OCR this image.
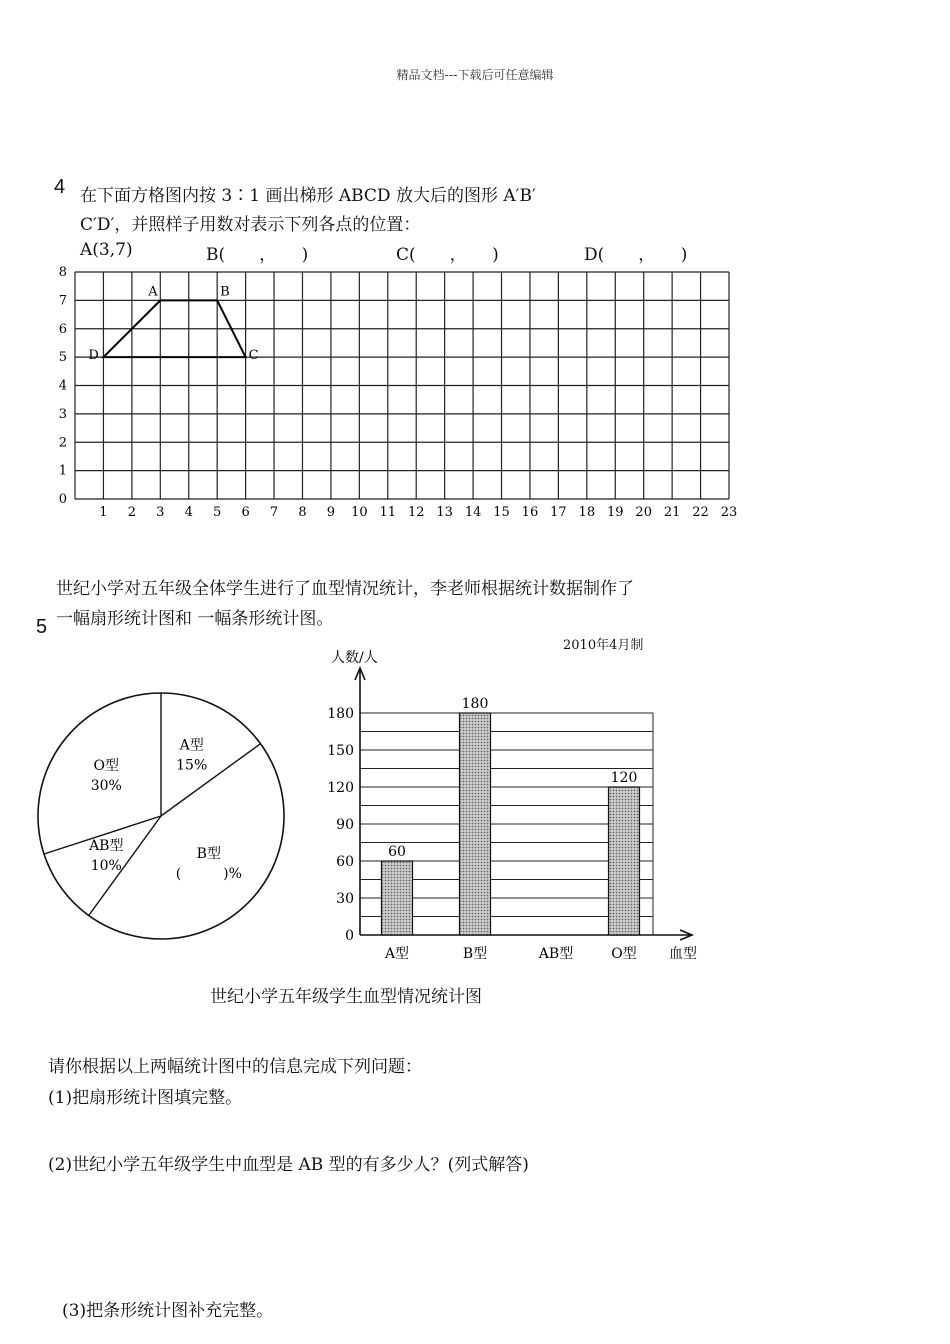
精品文档---下载后可任意编辑
4 在下面方格图内按 3∶1 画出梯形 ABCD 放大后的图形 A′B′
C′D′，并照样子用数对表示下列各点的位置：
A(3,7)	B(　　，　　)	C(　　，　　)	D(　　，　　)
1 2 3 4 5 6 7 8 9 10 11 12 13 14 15 16 17 18 19 20 21 22 23
0
1
2
3
4
5
6
7
8
A	B
C
D
A型
15%
B型
(　　　)%
AB型
10%
O型
30%
人数/人
血型
0
30
60
90
120
150
180
A型
60
B型
180
AB型	O型
120
世纪小学对五年级全体学生进行了血型情况统计，李老师根据统计数据制作了
5 一幅扇形统计图和 一幅条形统计图。
2010年4月制
世纪小学五年级学生血型情况统计图
请你根据以上两幅统计图中的信息完成下列问题：
(1)把扇形统计图填完整。
(2)世纪小学五年级学生中血型是 AB 型的有多少人？(列式解答)
(3)把条形统计图补充完整。
